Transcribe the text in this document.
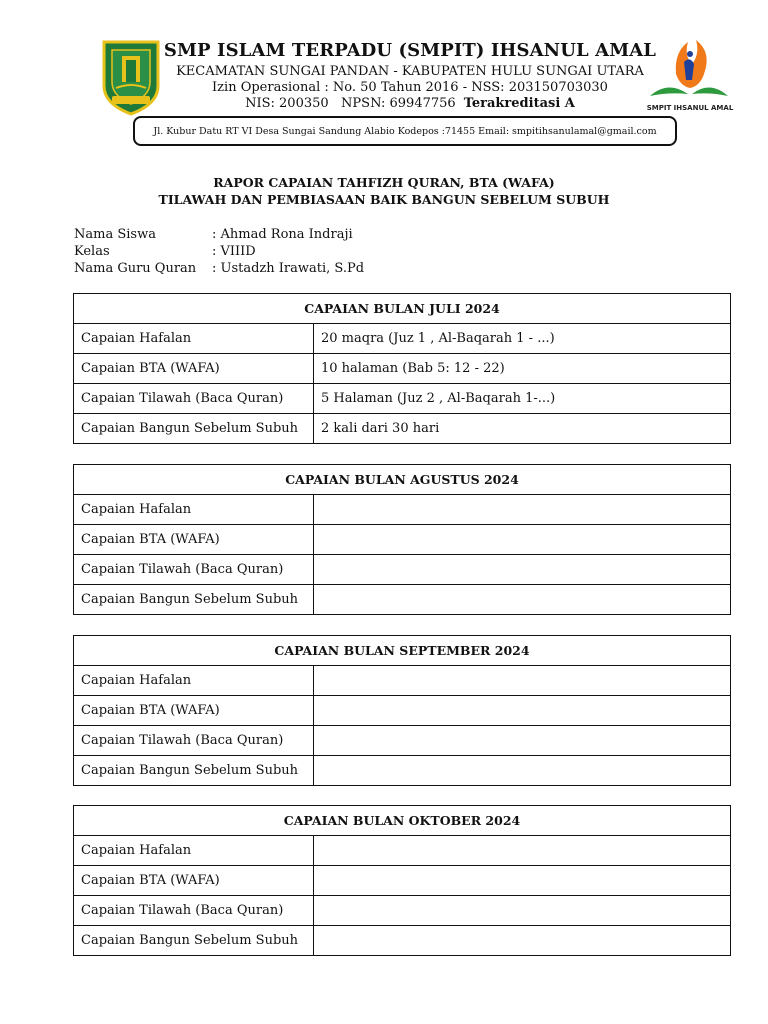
SMP ISLAM TERPADU (SMPIT) IHSANUL AMAL
KECAMATAN SUNGAI PANDAN - KABUPATEN HULU SUNGAI UTARA
Izin Operasional : No. 50 Tahun 2016 - NSS: 203150703030
NIS: 200350   NPSN: 69947756 Terakreditasi A	SMPIT IHSANUL AMAL
Jl. Kubur Datu RT VI Desa Sungai Sandung Alabio Kodepos :71455 Email: smpitihsanulamal@gmail.com
RAPOR CAPAIAN TAHFIZH QURAN, BTA (WAFA)
TILAWAH DAN PEMBIASAAN BAIK BANGUN SEBELUM SUBUH
Nama Siswa	: Ahmad Rona Indraji
Kelas	: VIIID
Nama Guru Quran	: Ustadzh Irawati, S.Pd
CAPAIAN BULAN JULI 2024	
Capaian Hafalan	20 maqra (Juz 1 , Al-Baqarah 1 - ...)
Capaian BTA (WAFA)	10 halaman (Bab 5: 12 - 22)
Capaian Tilawah (Baca Quran)	5 Halaman (Juz 2 , Al-Baqarah 1-...)
Capaian Bangun Sebelum Subuh	2 kali dari 30 hari
CAPAIAN BULAN AGUSTUS 2024	
Capaian Hafalan	
Capaian BTA (WAFA)	
Capaian Tilawah (Baca Quran)	
Capaian Bangun Sebelum Subuh	
CAPAIAN BULAN SEPTEMBER 2024	
Capaian Hafalan	
Capaian BTA (WAFA)	
Capaian Tilawah (Baca Quran)	
Capaian Bangun Sebelum Subuh	
CAPAIAN BULAN OKTOBER 2024	
Capaian Hafalan	
Capaian BTA (WAFA)	
Capaian Tilawah (Baca Quran)	
Capaian Bangun Sebelum Subuh	
